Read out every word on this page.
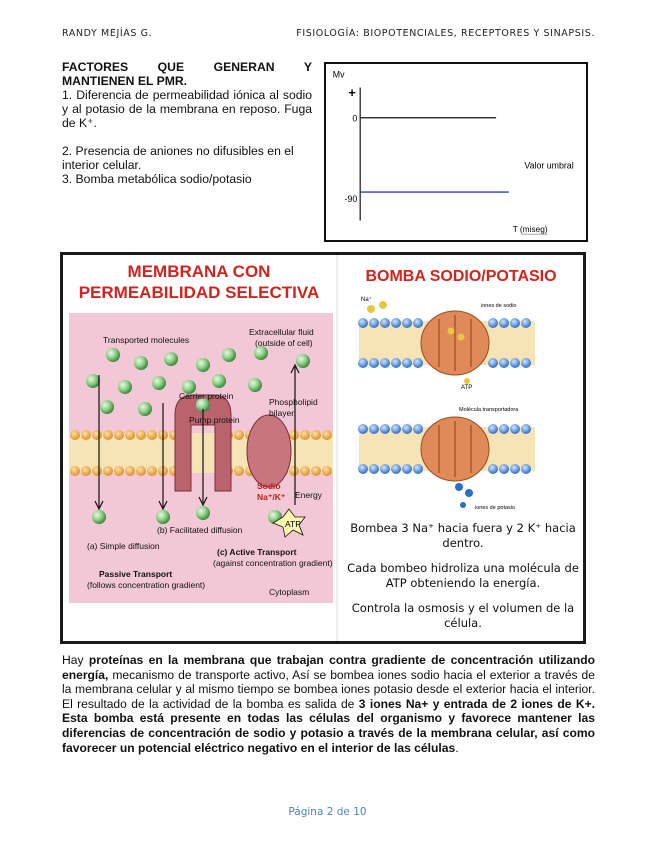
RANDY MEJÍAS G.	FISIOLOGÍA: BIOPOTENCIALES, RECEPTORES Y SINAPSIS.
FACTORES QUE GENERAN Y
MANTIENEN EL PMR.

1. Diferencia de permeabilidad iónica al sodio y al potasio de la membrana en reposo. Fuga de K⁺.

2. Presencia de aniones no difusibles en el interior celular.

3. Bomba metabólica sodio/potasio

Mv
+
0
-90
Valor umbral
T (miseg)
MEMBRANA CON
PERMEABILIDAD SELECTIVA
Transported molecules
Extracellular fluid
(outside of cell)
Carrier protein
Pump protein
Phospholipid
bilayer
Sodio
Na⁺/K⁺ Energy
(a) Simple diffusion
(b) Facilitated diffusion
(c) Active Transport
(against concentration gradient)
Passive Transport
(follows concentration gradient)
Cytoplasm
ATP
BOMBA SODIO/POTASIO
iones de sodio
Na⁺
ATP
Molécula transportadora
iones de potasio
Bombea 3 Na⁺ hacia fuera y 2 K⁺ hacia dentro.
Cada bombeo hidroliza una molécula de ATP obteniendo la energía.
Controla la osmosis y el volumen de la célula.
Hay proteínas en la membrana que trabajan contra gradiente de concentración utilizando energía, mecanismo de transporte activo, Así se bombea iones sodio hacia el exterior a través de la membrana celular y al mismo tiempo se bombea iones potasio desde el exterior hacia el interior. El resultado de la actividad de la bomba es salida de 3 iones Na+ y entrada de 2 iones de K+. Esta bomba está presente en todas las células del organismo y favorece mantener las diferencias de concentración de sodio y potasio a través de la membrana celular, así como favorecer un potencial eléctrico negativo en el interior de las células.
Página 2 de 10
